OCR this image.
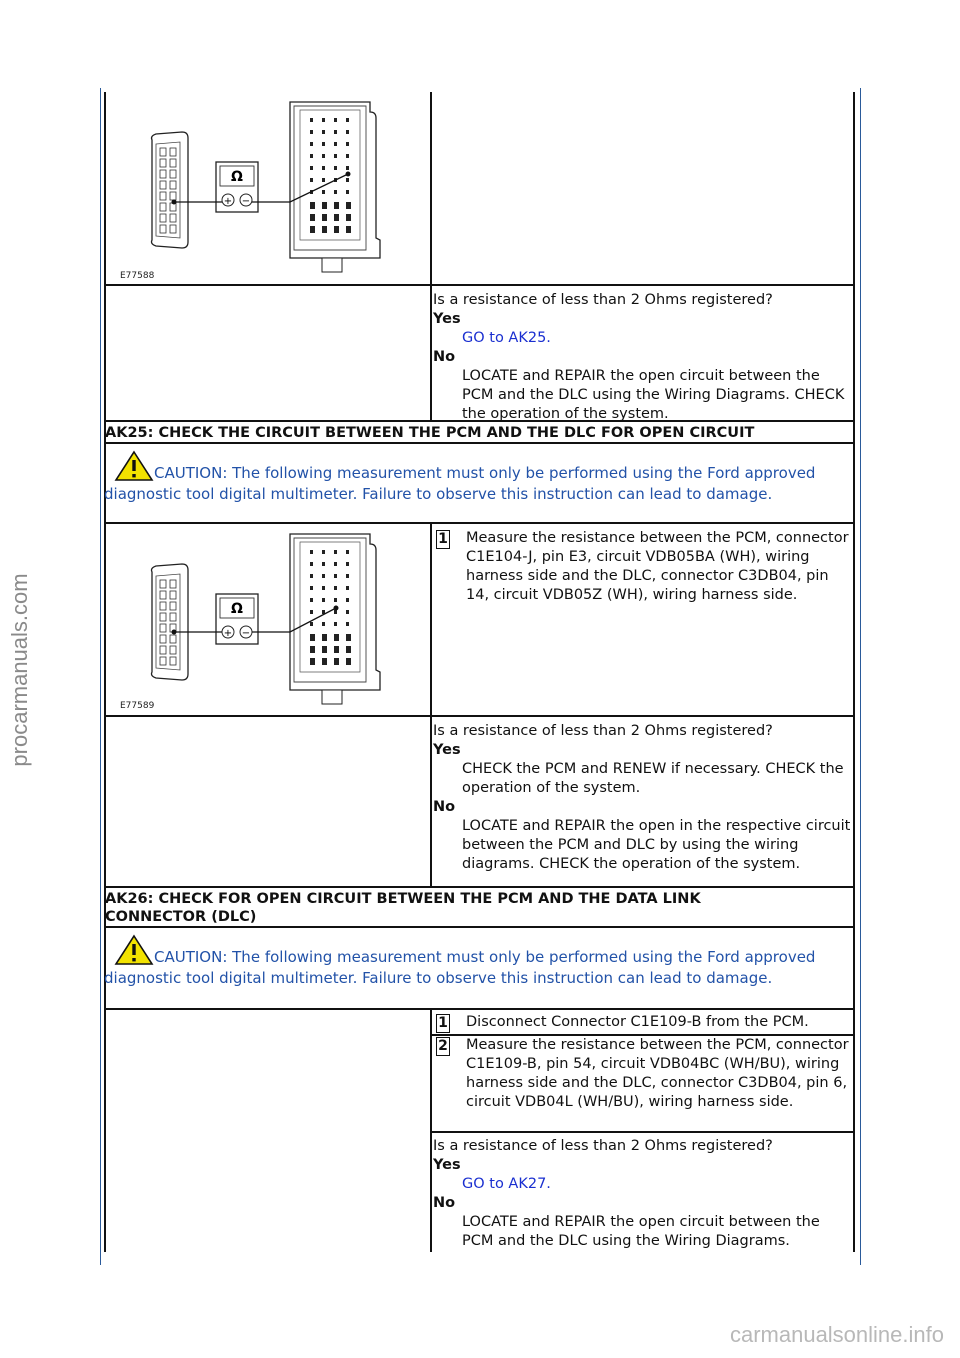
procarmanuals.com
carmanualsonline.info
Ω
+ −
E77588
Is a resistance of less than 2 Ohms registered?
Yes
GO to AK25.
No
LOCATE and REPAIR the open circuit between the PCM and the DLC using the Wiring Diagrams. CHECK the operation of the system.
AK25: CHECK THE CIRCUIT BETWEEN THE PCM AND THE DLC FOR OPEN CIRCUIT
CAUTION: The following measurement must only be performed using the Ford approved diagnostic tool digital multimeter. Failure to observe this instruction can lead to damage.
Ω
+ −
E77589
1 Measure the resistance between the PCM, connector C1E104-J, pin E3, circuit VDB05BA (WH), wiring harness side and the DLC, connector C3DB04, pin 14, circuit VDB05Z (WH), wiring harness side.
Is a resistance of less than 2 Ohms registered?
Yes
CHECK the PCM and RENEW if necessary. CHECK the operation of the system.
No
LOCATE and REPAIR the open in the respective circuit between the PCM and DLC by using the wiring diagrams. CHECK the operation of the system.
AK26: CHECK FOR OPEN CIRCUIT BETWEEN THE PCM AND THE DATA LINK CONNECTOR (DLC)
CAUTION: The following measurement must only be performed using the Ford approved diagnostic tool digital multimeter. Failure to observe this instruction can lead to damage.
1 Disconnect Connector C1E109-B from the PCM.
2 Measure the resistance between the PCM, connector C1E109-B, pin 54, circuit VDB04BC (WH/BU), wiring harness side and the DLC, connector C3DB04, pin 6, circuit VDB04L (WH/BU), wiring harness side.
Is a resistance of less than 2 Ohms registered?
Yes
GO to AK27.
No
LOCATE and REPAIR the open circuit between the PCM and the DLC using the Wiring Diagrams.
